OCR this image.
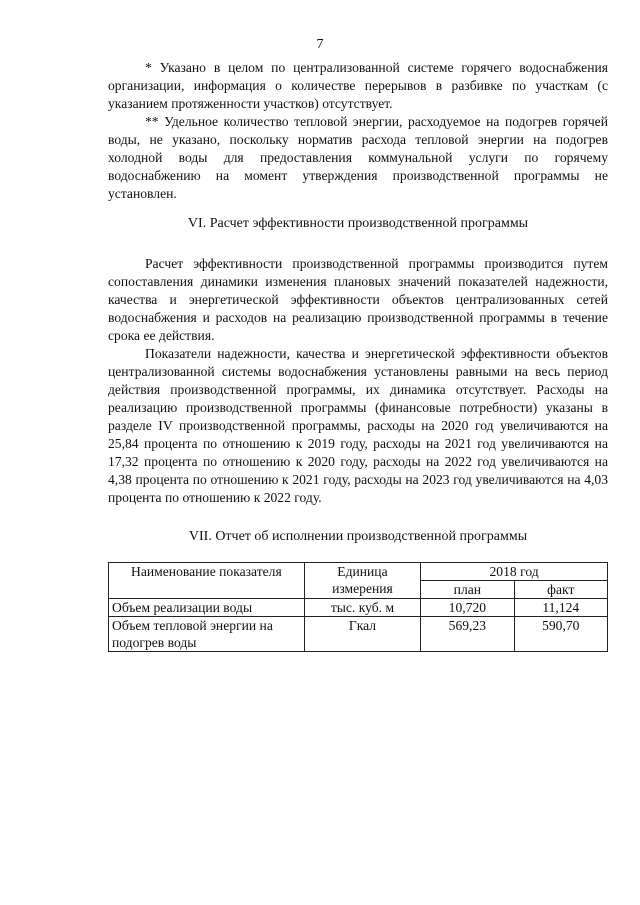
7

* Указано в целом по централизованной системе горячего водоснабжения организации, информация о количестве перерывов в разбивке по участкам (с указанием протяженности участков) отсутствует.

** Удельное количество тепловой энергии, расходуемое на подогрев горячей воды, не указано, поскольку норматив расхода тепловой энергии на подогрев холодной воды для предоставления коммунальной услуги по горячему водоснабжению на момент утверждения производственной программы не установлен.

VI. Расчет эффективности производственной программы

Расчет эффективности производственной программы производится путем сопоставления динамики изменения плановых значений показателей надежности, качества и энергетической эффективности объектов централизованных сетей водоснабжения и расходов на реализацию производственной программы в течение срока ее действия.

Показатели надежности, качества и энергетической эффективности объектов централизованной системы водоснабжения установлены равными на весь период действия производственной программы, их динамика отсутствует. Расходы на реализацию производственной программы (финансовые потребности) указаны в разделе IV производственной программы, расходы на 2020 год увеличиваются на 25,84 процента по отношению к 2019 году, расходы на 2021 год увеличиваются на 17,32 процента по отношению к 2020 году, расходы на 2022 год увеличиваются на 4,38 процента по отношению к 2021 году, расходы на 2023 год увеличиваются на 4,03 процента по отношению к 2022 году.

VII. Отчет об исполнении производственной программы
Наименование показателя	Единица измерения	2018 год	
		план	факт
Объем реализации воды	тыс. куб. м	10,720	11,124
Объем тепловой энергии на подогрев воды	Гкал	569,23	590,70
